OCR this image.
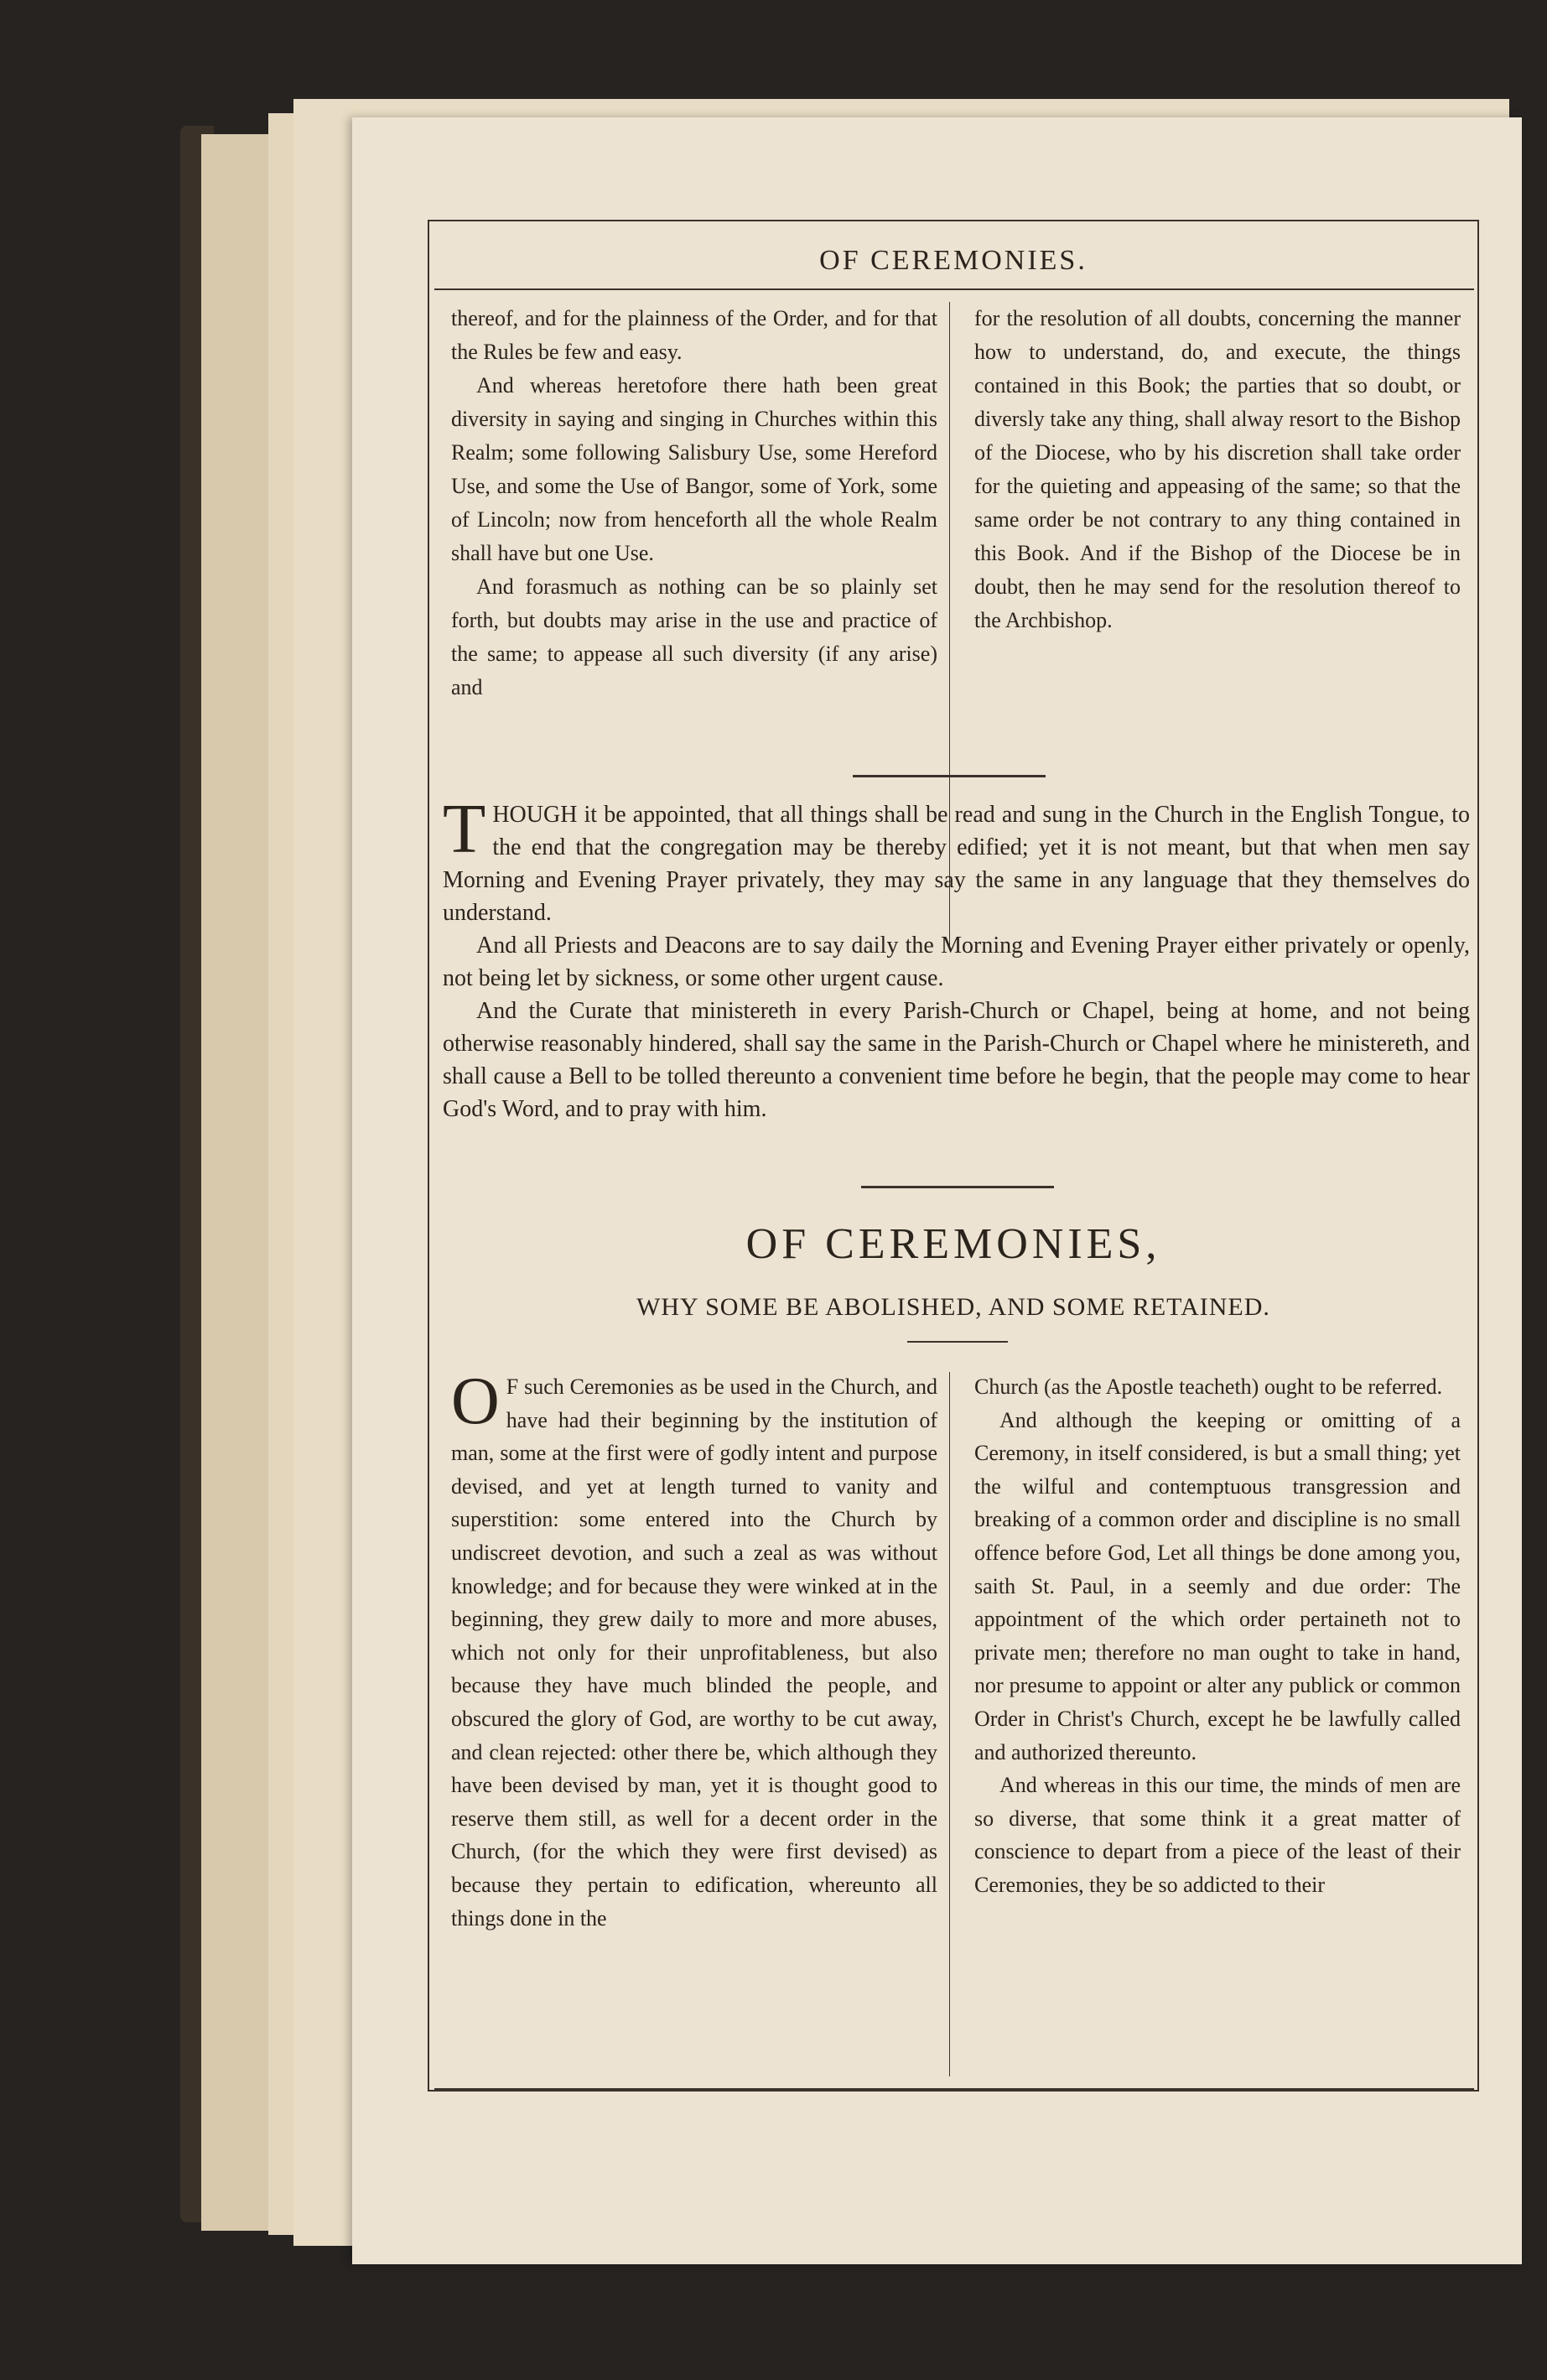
OF CEREMONIES.

thereof, and for the plainness of the Order, and for that the Rules be few and easy.

And whereas heretofore there hath been great diversity in saying and singing in Churches within this Realm; some following Salisbury Use, some Hereford Use, and some the Use of Bangor, some of York, some of Lincoln; now from henceforth all the whole Realm shall have but one Use.

And forasmuch as nothing can be so plainly set forth, but doubts may arise in the use and practice of the same; to appease all such diversity (if any arise) and

for the resolution of all doubts, concerning the manner how to understand, do, and execute, the things contained in this Book; the parties that so doubt, or diversly take any thing, shall alway resort to the Bishop of the Diocese, who by his discretion shall take order for the quieting and appeasing of the same; so that the same order be not contrary to any thing contained in this Book. And if the Bishop of the Diocese be in doubt, then he may send for the resolution thereof to the Archbishop.

THOUGH it be appointed, that all things shall be read and sung in the Church in the English Tongue, to the end that the congregation may be thereby edified; yet it is not meant, but that when men say Morning and Evening Prayer privately, they may say the same in any language that they themselves do understand.

And all Priests and Deacons are to say daily the Morning and Evening Prayer either privately or openly, not being let by sickness, or some other urgent cause.

And the Curate that ministereth in every Parish-Church or Chapel, being at home, and not being otherwise reasonably hindered, shall say the same in the Parish-Church or Chapel where he ministereth, and shall cause a Bell to be tolled thereunto a convenient time before he begin, that the people may come to hear God's Word, and to pray with him.

OF CEREMONIES,
WHY SOME BE ABOLISHED, AND SOME RETAINED.

O F such Ceremonies as be used in the Church, and have had their beginning by the institution of man, some at the first were of godly intent and purpose devised, and yet at length turned to vanity and superstition: some entered into the Church by undiscreet devotion, and such a zeal as was without knowledge; and for because they were winked at in the beginning, they grew daily to more and more abuses, which not only for their unprofitableness, but also because they have much blinded the people, and obscured the glory of God, are worthy to be cut away, and clean rejected: other there be, which although they have been devised by man, yet it is thought good to reserve them still, as well for a decent order in the Church, (for the which they were first devised) as because they pertain to edification, whereunto all things done in the

Church (as the Apostle teacheth) ought to be referred.

And although the keeping or omitting of a Ceremony, in itself considered, is but a small thing; yet the wilful and contemptuous transgression and breaking of a common order and discipline is no small offence before God, Let all things be done among you, saith St. Paul, in a seemly and due order: The appointment of the which order pertaineth not to private men; therefore no man ought to take in hand, nor presume to appoint or alter any publick or common Order in Christ's Church, except he be lawfully called and authorized thereunto.

And whereas in this our time, the minds of men are so diverse, that some think it a great matter of conscience to depart from a piece of the least of their Ceremonies, they be so addicted to their
